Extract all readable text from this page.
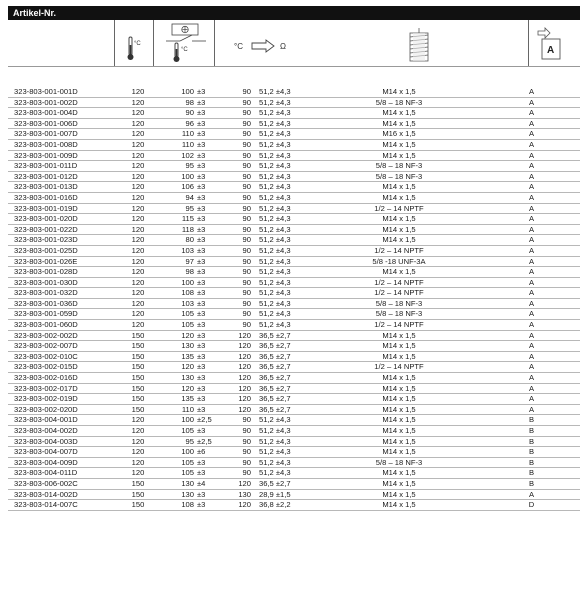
Artikel-Nr.
°C
°C	°C	Ω	A
323-803-001-001D	120	100	±3	90	51,2 ±4,3	M14 x 1,5	A
323-803-001-002D	120	98	±3	90	51,2 ±4,3	5/8 – 18 NF-3	A
323-803-001-004D	120	90	±3	90	51,2 ±4,3	M14 x 1,5	A
323-803-001-006D	120	96	±3	90	51,2 ±4,3	M14 x 1,5	A
323-803-001-007D	120	110	±3	90	51,2 ±4,3	M16 x 1,5	A
323-803-001-008D	120	110	±3	90	51,2 ±4,3	M14 x 1,5	A
323-803-001-009D	120	102	±3	90	51,2 ±4,3	M14 x 1,5	A
323-803-001-011D	120	95	±3	90	51,2 ±4,3	5/8 – 18 NF-3	A
323-803-001-012D	120	100	±3	90	51,2 ±4,3	5/8 – 18 NF-3	A
323-803-001-013D	120	106	±3	90	51,2 ±4,3	M14 x 1,5	A
323-803-001-016D	120	94	±3	90	51,2 ±4,3	M14 x 1,5	A
323-803-001-019D	120	95	±3	90	51,2 ±4,3	1/2 – 14 NPTF	A
323-803-001-020D	120	115	±3	90	51,2 ±4,3	M14 x 1,5	A
323-803-001-022D	120	118	±3	90	51,2 ±4,3	M14 x 1,5	A
323-803-001-023D	120	80	±3	90	51,2 ±4,3	M14 x 1,5	A
323-803-001-025D	120	103	±3	90	51,2 ±4,3	1/2 – 14 NPTF	A
323-803-001-026E	120	97	±3	90	51,2 ±4,3	5/8 -18 UNF-3A	A
323-803-001-028D	120	98	±3	90	51,2 ±4,3	M14 x 1,5	A
323-803-001-030D	120	100	±3	90	51,2 ±4,3	1/2 – 14 NPTF	A
323-803-001-032D	120	108	±3	90	51,2 ±4,3	1/2 – 14 NPTF	A
323-803-001-036D	120	103	±3	90	51,2 ±4,3	5/8 – 18 NF-3	A
323-803-001-059D	120	105	±3	90	51,2 ±4,3	5/8 – 18 NF-3	A
323-803-001-060D	120	105	±3	90	51,2 ±4,3	1/2 – 14 NPTF	A
323-803-002-002D	150	120	±3	120	36,5 ±2,7	M14 x 1,5	A
323-803-002-007D	150	130	±3	120	36,5 ±2,7	M14 x 1,5	A
323-803-002-010C	150	135	±3	120	36,5 ±2,7	M14 x 1,5	A
323-803-002-015D	150	120	±3	120	36,5 ±2,7	1/2 – 14 NPTF	A
323-803-002-016D	150	130	±3	120	36,5 ±2,7	M14 x 1,5	A
323-803-002-017D	150	120	±3	120	36,5 ±2,7	M14 x 1,5	A
323-803-002-019D	150	135	±3	120	36,5 ±2,7	M14 x 1,5	A
323-803-002-020D	150	110	±3	120	36,5 ±2,7	M14 x 1,5	A
323-803-004-001D	120	100	±2,5	90	51,2 ±4,3	M14 x 1,5	B
323-803-004-002D	120	105	±3	90	51,2 ±4,3	M14 x 1,5	B
323-803-004-003D	120	95	±2,5	90	51,2 ±4,3	M14 x 1,5	B
323-803-004-007D	120	100	±6	90	51,2 ±4,3	M14 x 1,5	B
323-803-004-009D	120	105	±3	90	51,2 ±4,3	5/8 – 18 NF-3	B
323-803-004-011D	120	105	±3	90	51,2 ±4,3	M14 x 1,5	B
323-803-006-002C	150	130	±4	120	36,5 ±2,7	M14 x 1,5	B
323-803-014-002D	150	130	±3	130	28,9 ±1,5	M14 x 1,5	A
323-803-014-007C	150	108	±3	120	36,8 ±2,2	M14 x 1,5	D
